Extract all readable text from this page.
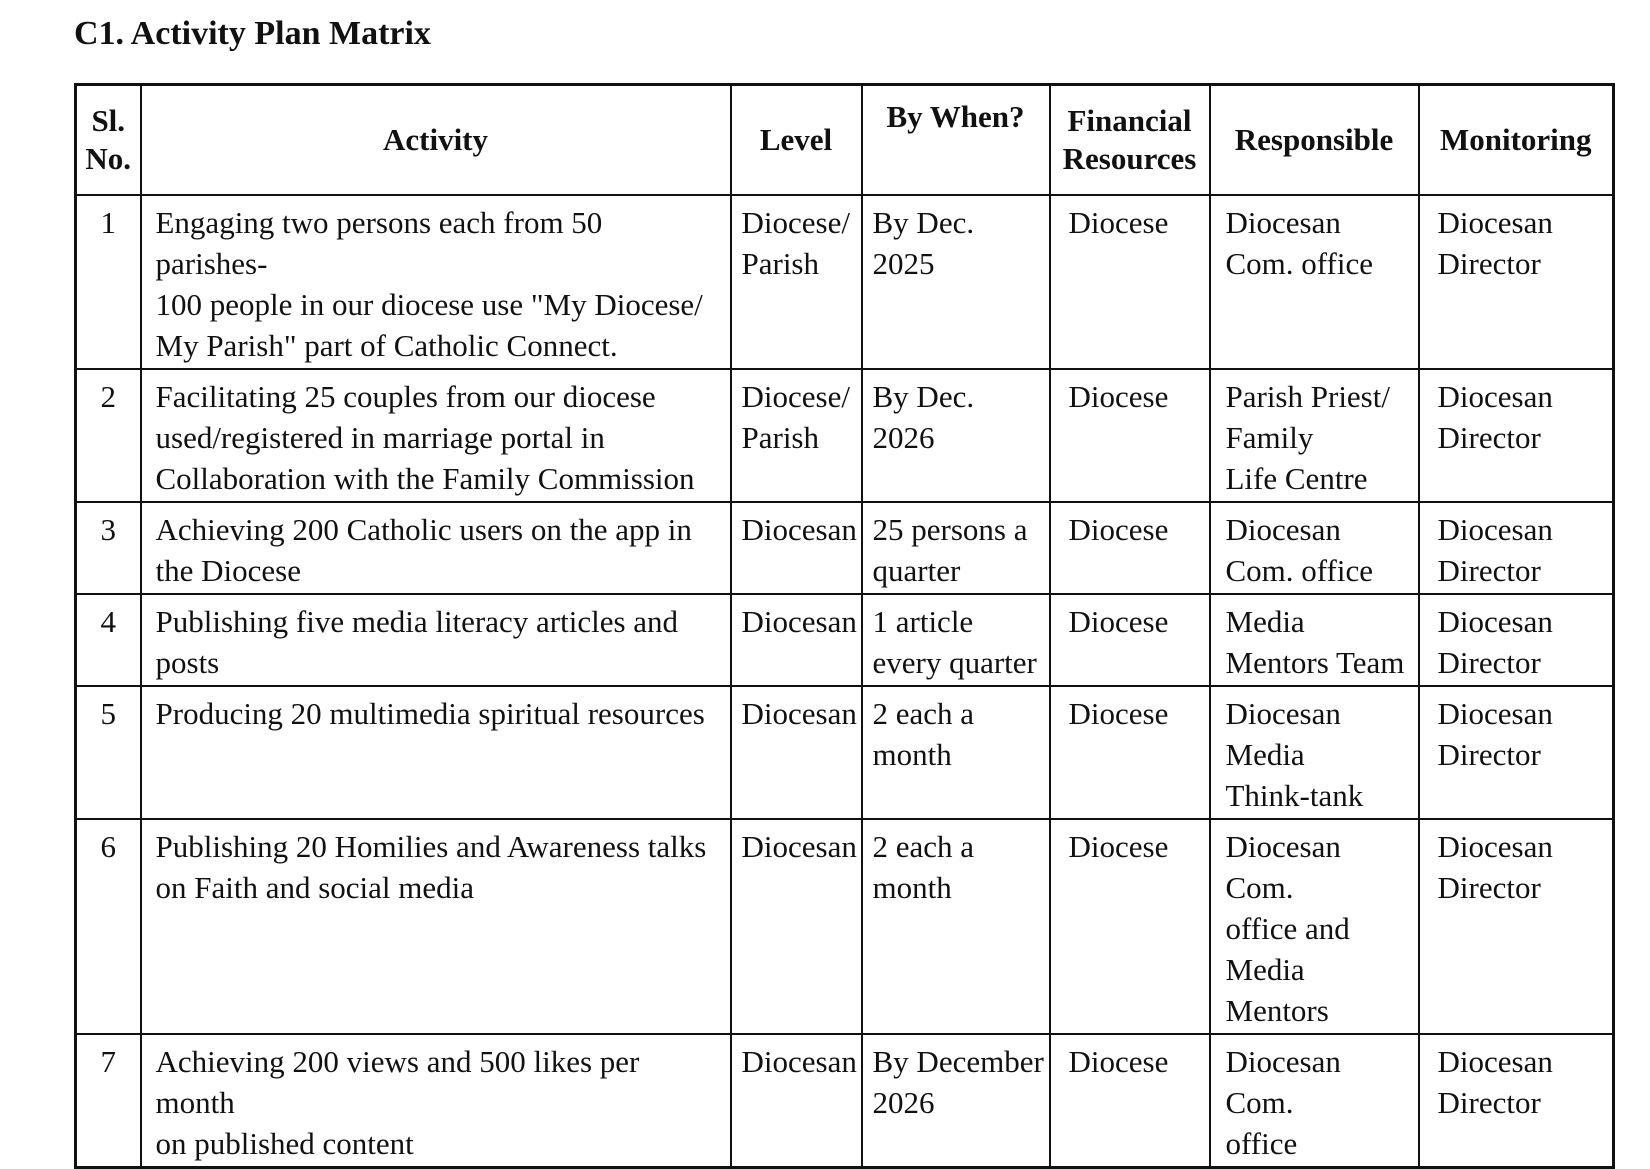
C1. Activity Plan Matrix
Sl.
No.	Activity	Level	By When?	Financial
Resources	Responsible	Monitoring

1	Engaging two persons each from 50 parishes-
100 people in our diocese use "My Diocese/
My Parish" part of Catholic Connect.	Diocese/
Parish	By Dec.
2025	Diocese	Diocesan
Com. office	Diocesan
Director

2	Facilitating 25 couples from our diocese
used/registered in marriage portal in
Collaboration with the Family Commission	Diocese/
Parish	By Dec.
2026	Diocese	Parish Priest/
Family
Life Centre	Diocesan
Director

3	Achieving 200 Catholic users on the app in
the Diocese	Diocesan	25 persons a
quarter	Diocese	Diocesan
Com. office	Diocesan
Director

4	Publishing five media literacy articles and
posts	Diocesan	1 article
every quarter	Diocese	Media
Mentors Team	Diocesan
Director

5	Producing 20 multimedia spiritual resources	Diocesan	2 each a
month	Diocese	Diocesan Media
Think-tank	Diocesan
Director

6	Publishing 20 Homilies and Awareness talks
on Faith and social media	Diocesan	2 each a
month	Diocese	Diocesan Com.
office and
Media Mentors	Diocesan
Director

7	Achieving 200 views and 500 likes per month
on published content	Diocesan	By December
2026	Diocese	Diocesan Com.
office	Diocesan
Director
